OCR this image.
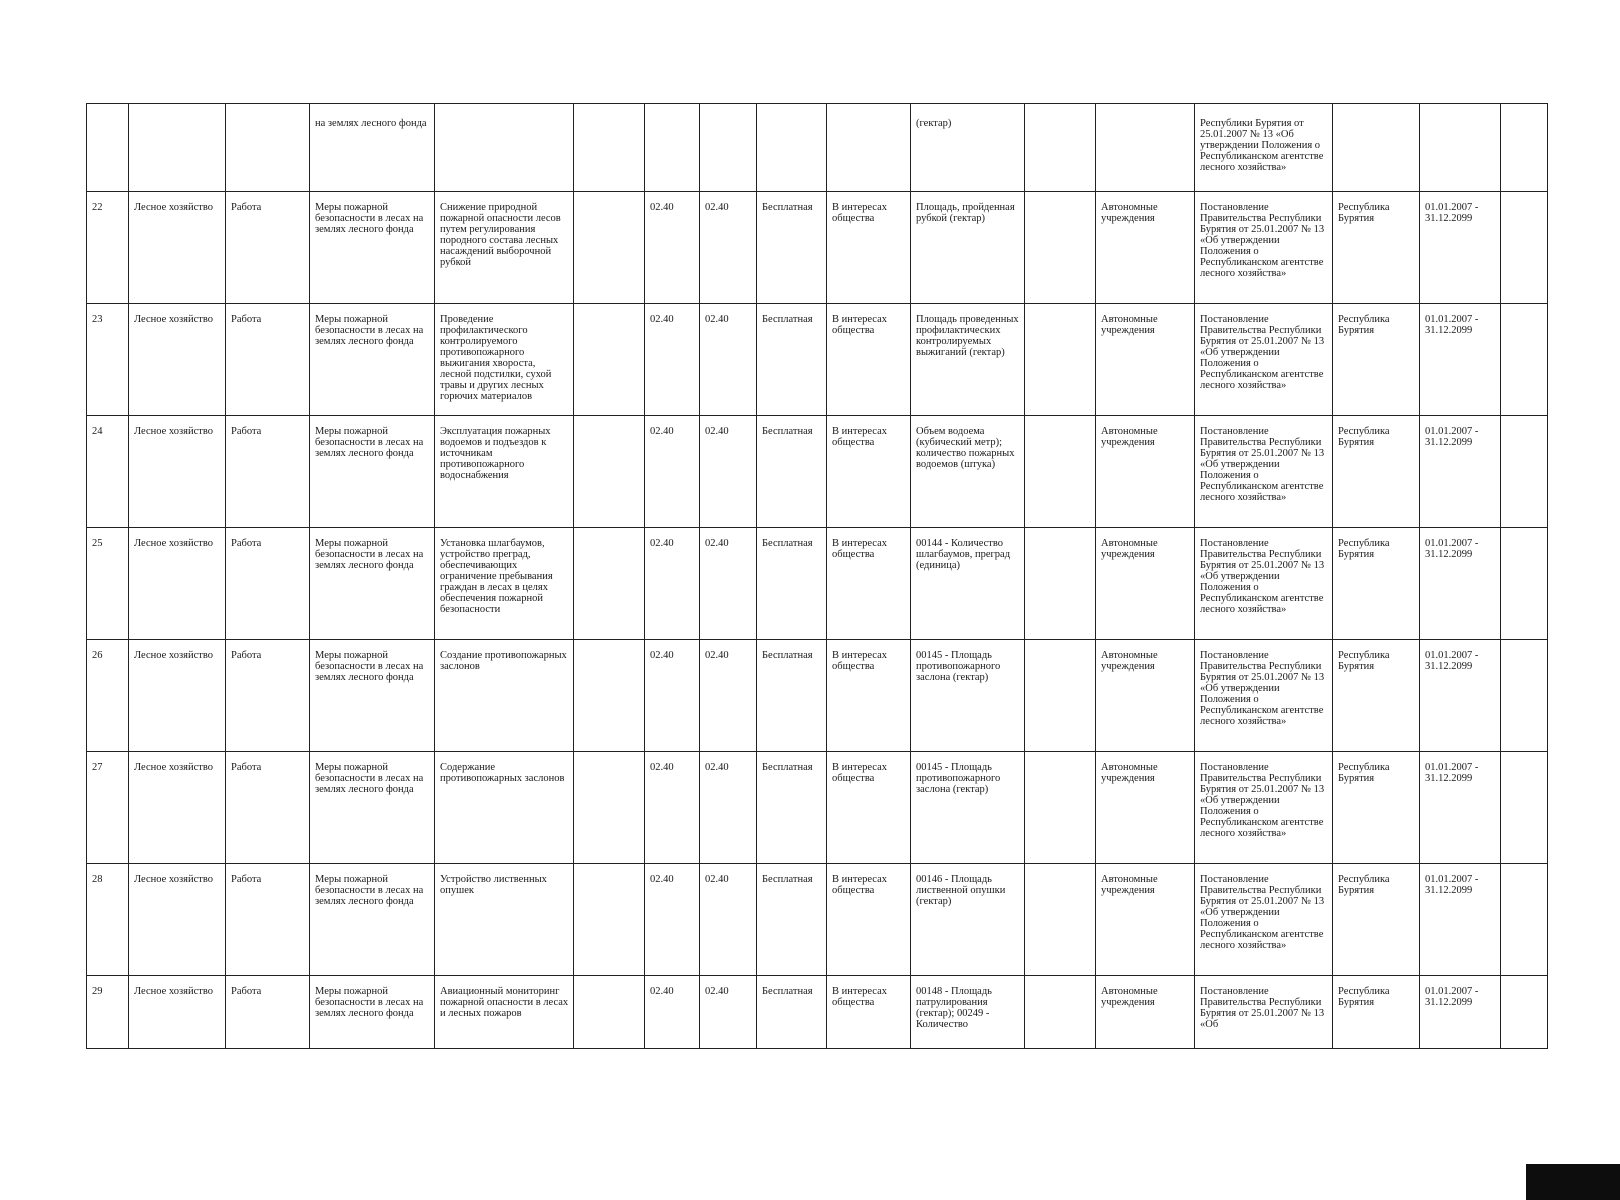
			на землях лесного фонда							(гектар)			Республики Бурятия от 25.01.2007 № 13 «Об утверждении Положения о Республиканском агентстве лесного хозяйства»			
22	Лесное хозяйство	Работа	Меры пожарной безопасности в лесах на землях лесного фонда	Снижение природной пожарной опасности лесов путем регулирования породного состава лесных насаждений выборочной рубкой		02.40	02.40	Бесплатная	В интересах общества	Площадь, пройденная рубкой (гектар)		Автономные учреждения	Постановление Правительства Республики Бурятия от 25.01.2007 № 13 «Об утверждении Положения о Республиканском агентстве лесного хозяйства»	Республика Бурятия	01.01.2007 - 31.12.2099	
23	Лесное хозяйство	Работа	Меры пожарной безопасности в лесах на землях лесного фонда	Проведение профилактического контролируемого противопожарного выжигания хвороста, лесной подстилки, сухой травы и других лесных горючих материалов		02.40	02.40	Бесплатная	В интересах общества	Площадь проведенных профилактических контролируемых выжиганий (гектар)		Автономные учреждения	Постановление Правительства Республики Бурятия от 25.01.2007 № 13 «Об утверждении Положения о Республиканском агентстве лесного хозяйства»	Республика Бурятия	01.01.2007 - 31.12.2099	
24	Лесное хозяйство	Работа	Меры пожарной безопасности в лесах на землях лесного фонда	Эксплуатация пожарных водоемов и подъездов к источникам противопожарного водоснабжения		02.40	02.40	Бесплатная	В интересах общества	Объем водоема (кубический метр); количество пожарных водоемов (штука)		Автономные учреждения	Постановление Правительства Республики Бурятия от 25.01.2007 № 13 «Об утверждении Положения о Республиканском агентстве лесного хозяйства»	Республика Бурятия	01.01.2007 - 31.12.2099	
25	Лесное хозяйство	Работа	Меры пожарной безопасности в лесах на землях лесного фонда	Установка шлагбаумов, устройство преград, обеспечивающих ограничение пребывания граждан в лесах в целях обеспечения пожарной безопасности		02.40	02.40	Бесплатная	В интересах общества	00144 - Количество шлагбаумов, преград (единица)		Автономные учреждения	Постановление Правительства Республики Бурятия от 25.01.2007 № 13 «Об утверждении Положения о Республиканском агентстве лесного хозяйства»	Республика Бурятия	01.01.2007 - 31.12.2099	
26	Лесное хозяйство	Работа	Меры пожарной безопасности в лесах на землях лесного фонда	Создание противопожарных заслонов		02.40	02.40	Бесплатная	В интересах общества	00145 - Площадь противопожарного заслона (гектар)		Автономные учреждения	Постановление Правительства Республики Бурятия от 25.01.2007 № 13 «Об утверждении Положения о Республиканском агентстве лесного хозяйства»	Республика Бурятия	01.01.2007 - 31.12.2099	
27	Лесное хозяйство	Работа	Меры пожарной безопасности в лесах на землях лесного фонда	Содержание противопожарных заслонов		02.40	02.40	Бесплатная	В интересах общества	00145 - Площадь противопожарного заслона (гектар)		Автономные учреждения	Постановление Правительства Республики Бурятия от 25.01.2007 № 13 «Об утверждении Положения о Республиканском агентстве лесного хозяйства»	Республика Бурятия	01.01.2007 - 31.12.2099	
28	Лесное хозяйство	Работа	Меры пожарной безопасности в лесах на землях лесного фонда	Устройство лиственных опушек		02.40	02.40	Бесплатная	В интересах общества	00146 - Площадь лиственной опушки (гектар)		Автономные учреждения	Постановление Правительства Республики Бурятия от 25.01.2007 № 13 «Об утверждении Положения о Республиканском агентстве лесного хозяйства»	Республика Бурятия	01.01.2007 - 31.12.2099	
29	Лесное хозяйство	Работа	Меры пожарной безопасности в лесах на землях лесного фонда	Авиационный мониторинг пожарной опасности в лесах и лесных пожаров		02.40	02.40	Бесплатная	В интересах общества	00148 - Площадь патрулирования (гектар); 00249 - Количество		Автономные учреждения	Постановление Правительства Республики Бурятия от 25.01.2007 № 13 «Об	Республика Бурятия	01.01.2007 - 31.12.2099	
